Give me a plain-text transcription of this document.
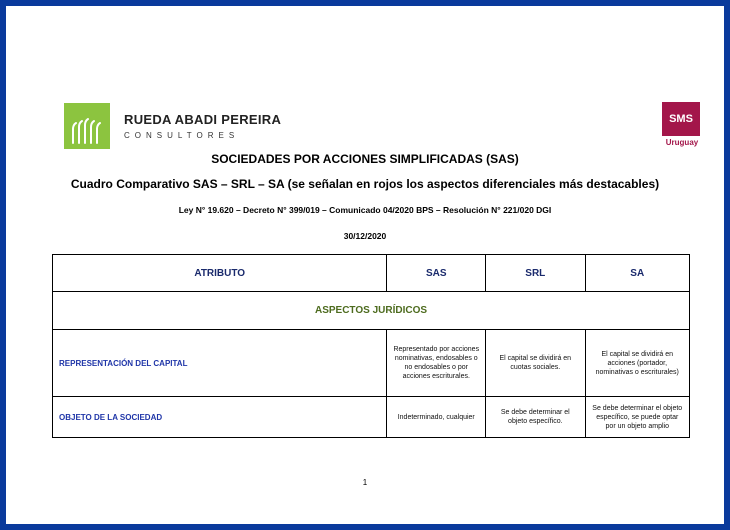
RUEDA ABADI PEREIRA
CONSULTORES
SMS
Uruguay
SOCIEDADES POR ACCIONES SIMPLIFICADAS (SAS)
Cuadro Comparativo SAS – SRL – SA (se señalan en rojos los aspectos diferenciales más destacables)
Ley N° 19.620 – Decreto N° 399/019 – Comunicado 04/2020 BPS – Resolución N° 221/020 DGI
30/12/2020
ATRIBUTO	SAS	SRL	SA
ASPECTOS JURÍDICOS			
REPRESENTACIÓN DEL CAPITAL	Representado por acciones nominativas, endosables o no endosables o por acciones escriturales.	El capital se dividirá en cuotas sociales.	El capital se dividirá en acciones (portador, nominativas o escriturales)
OBJETO DE LA SOCIEDAD	Indeterminado, cualquier	Se debe determinar el objeto específico.	Se debe determinar el objeto específico, se puede optar por un objeto amplio
1
